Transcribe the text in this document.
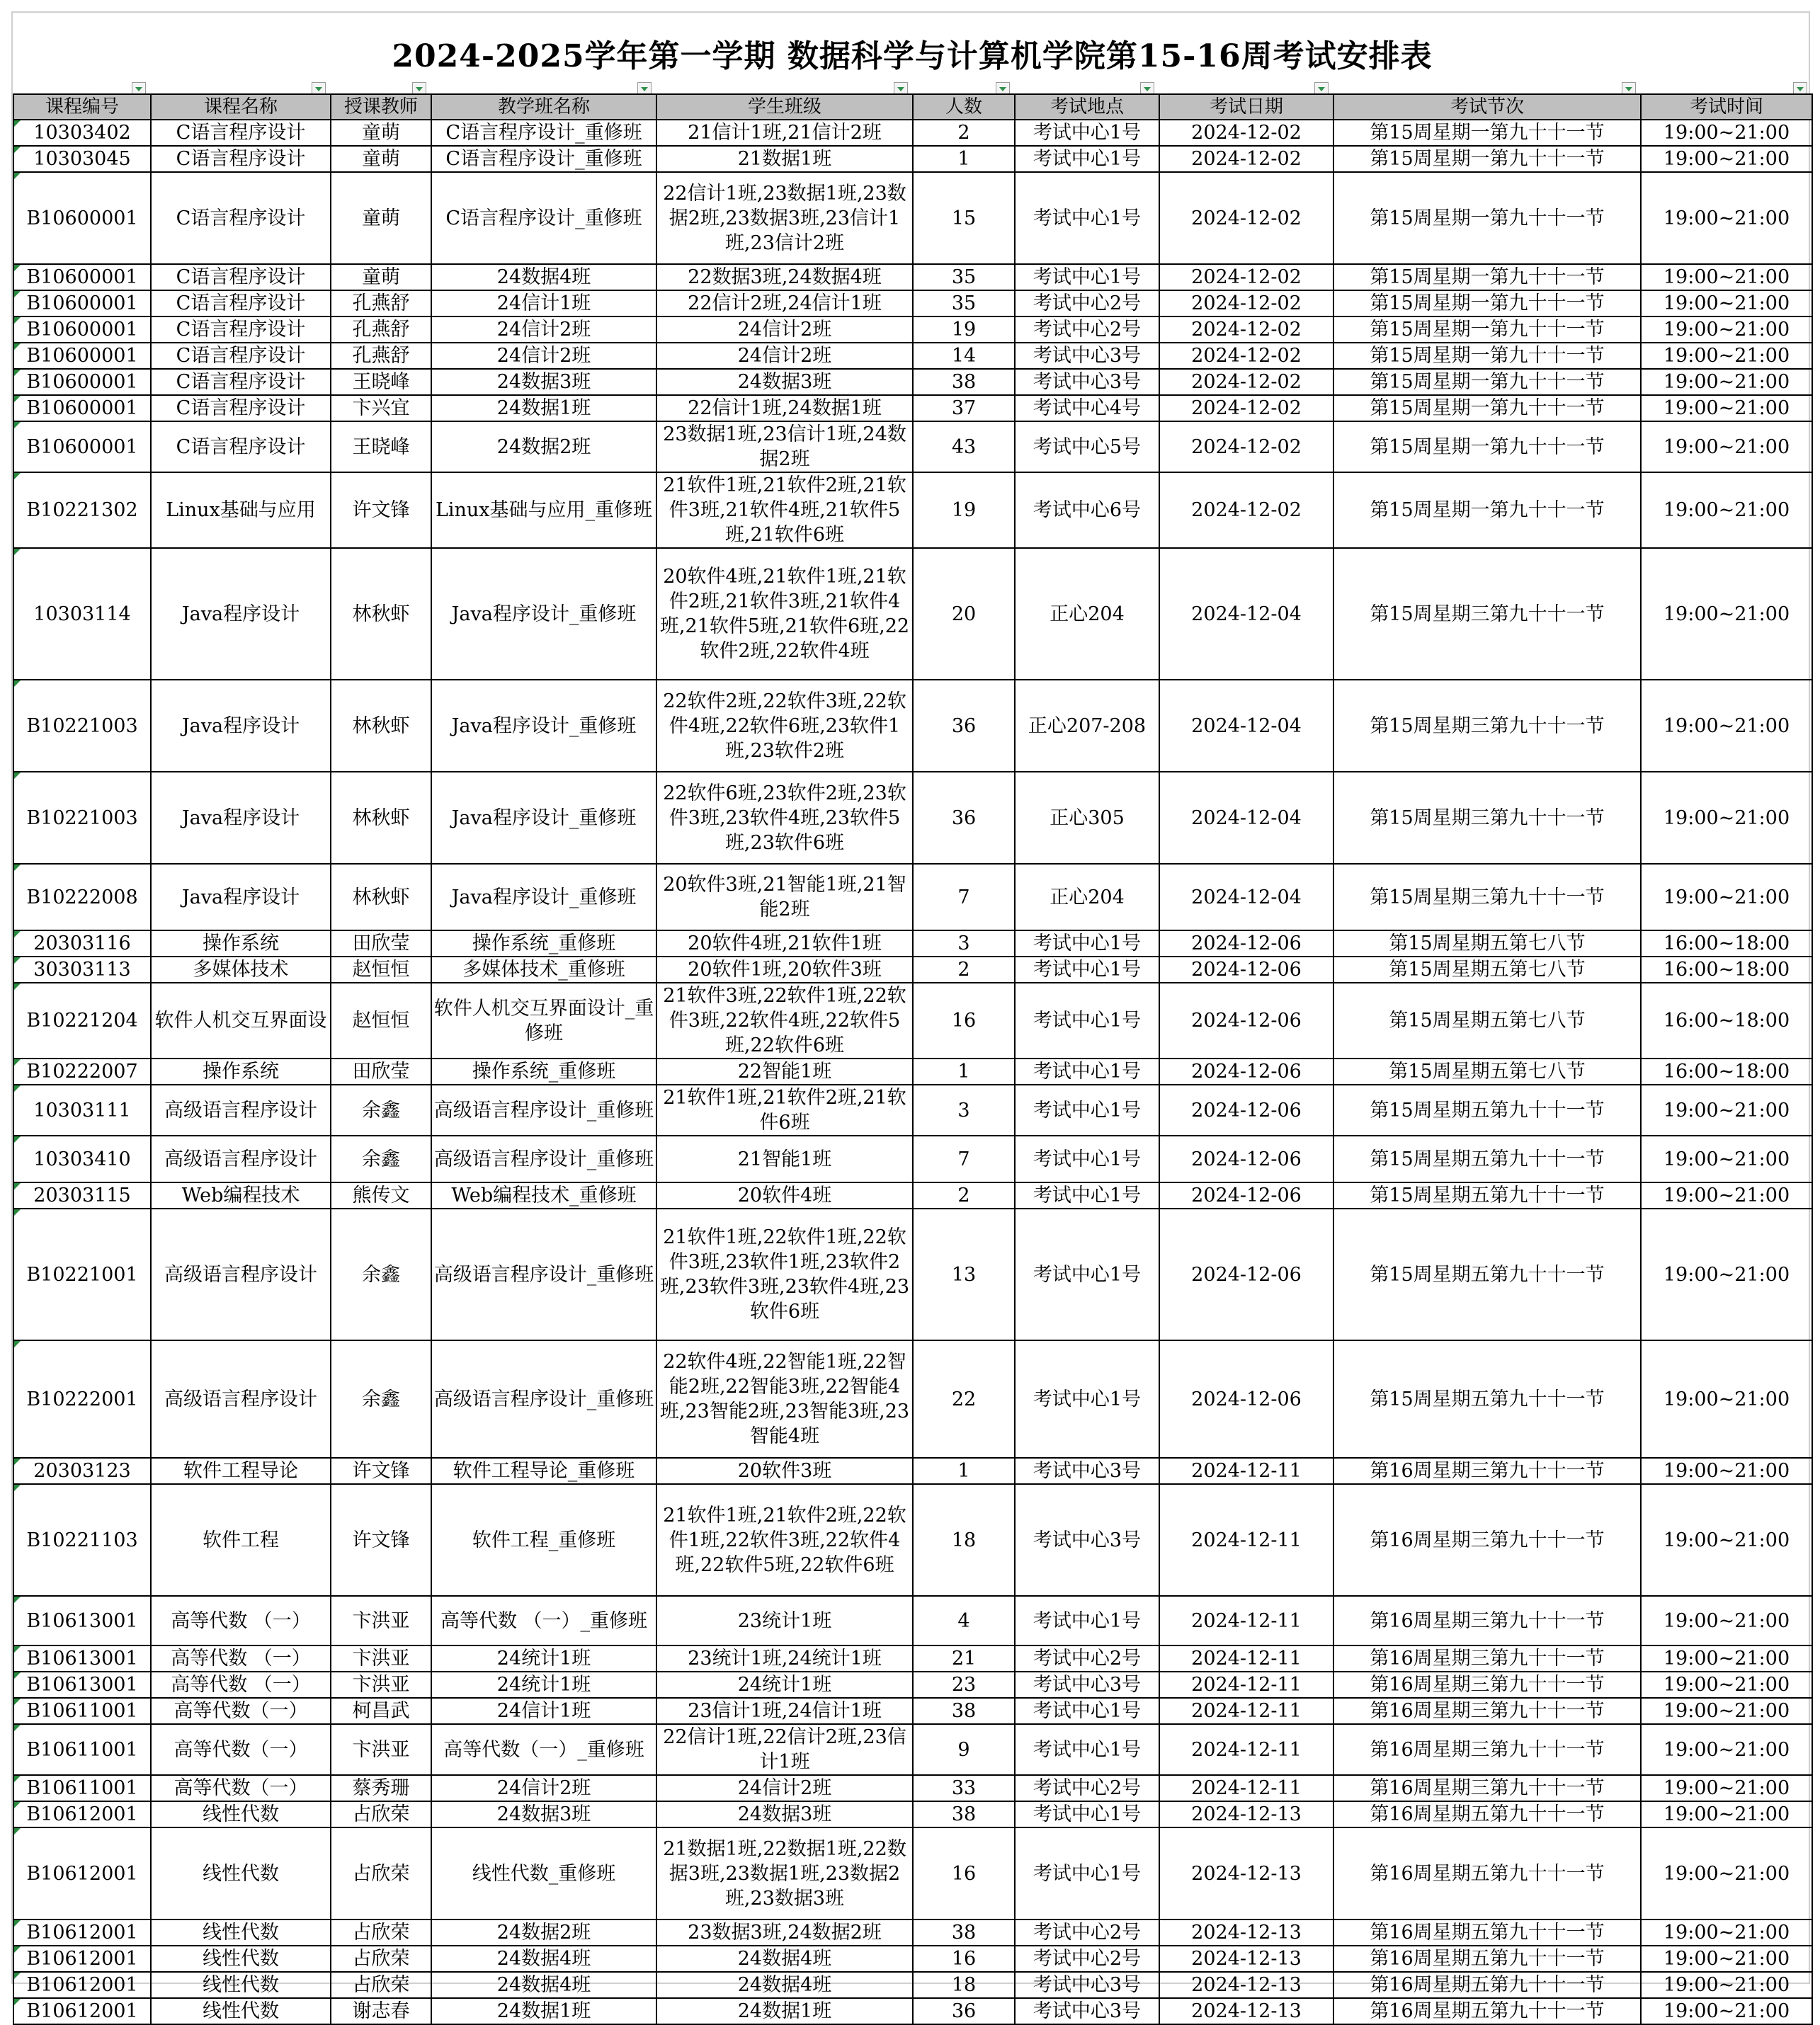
2024-2025学年第一学期 数据科学与计算机学院第15-16周考试安排表
课程编号	课程名称	授课教师	教学班名称	学生班级	人数	考试地点	考试日期	考试节次	考试时间
10303402	C语言程序设计	童萌	C语言程序设计_重修班	21信计1班,21信计2班	2	考试中心1号	2024-12-02	第15周星期一第九十十一节	19:00~21:00
10303045	C语言程序设计	童萌	C语言程序设计_重修班	21数据1班	1	考试中心1号	2024-12-02	第15周星期一第九十十一节	19:00~21:00
B10600001	C语言程序设计	童萌	C语言程序设计_重修班	22信计1班,23数据1班,23数据2班,23数据3班,23信计1班,23信计2班	15	考试中心1号	2024-12-02	第15周星期一第九十十一节	19:00~21:00
B10600001	C语言程序设计	童萌	24数据4班	22数据3班,24数据4班	35	考试中心1号	2024-12-02	第15周星期一第九十十一节	19:00~21:00
B10600001	C语言程序设计	孔燕舒	24信计1班	22信计2班,24信计1班	35	考试中心2号	2024-12-02	第15周星期一第九十十一节	19:00~21:00
B10600001	C语言程序设计	孔燕舒	24信计2班	24信计2班	19	考试中心2号	2024-12-02	第15周星期一第九十十一节	19:00~21:00
B10600001	C语言程序设计	孔燕舒	24信计2班	24信计2班	14	考试中心3号	2024-12-02	第15周星期一第九十十一节	19:00~21:00
B10600001	C语言程序设计	王晓峰	24数据3班	24数据3班	38	考试中心3号	2024-12-02	第15周星期一第九十十一节	19:00~21:00
B10600001	C语言程序设计	卞兴宜	24数据1班	22信计1班,24数据1班	37	考试中心4号	2024-12-02	第15周星期一第九十十一节	19:00~21:00
B10600001	C语言程序设计	王晓峰	24数据2班	23数据1班,23信计1班,24数据2班	43	考试中心5号	2024-12-02	第15周星期一第九十十一节	19:00~21:00
B10221302	Linux基础与应用	许文锋	Linux基础与应用_重修班	21软件1班,21软件2班,21软件3班,21软件4班,21软件5班,21软件6班	19	考试中心6号	2024-12-02	第15周星期一第九十十一节	19:00~21:00
10303114	Java程序设计	林秋虾	Java程序设计_重修班	20软件4班,21软件1班,21软件2班,21软件3班,21软件4班,21软件5班,21软件6班,22软件2班,22软件4班	20	正心204	2024-12-04	第15周星期三第九十十一节	19:00~21:00
B10221003	Java程序设计	林秋虾	Java程序设计_重修班	22软件2班,22软件3班,22软件4班,22软件6班,23软件1班,23软件2班	36	正心207-208	2024-12-04	第15周星期三第九十十一节	19:00~21:00
B10221003	Java程序设计	林秋虾	Java程序设计_重修班	22软件6班,23软件2班,23软件3班,23软件4班,23软件5班,23软件6班	36	正心305	2024-12-04	第15周星期三第九十十一节	19:00~21:00
B10222008	Java程序设计	林秋虾	Java程序设计_重修班	20软件3班,21智能1班,21智能2班	7	正心204	2024-12-04	第15周星期三第九十十一节	19:00~21:00
20303116	操作系统	田欣莹	操作系统_重修班	20软件4班,21软件1班	3	考试中心1号	2024-12-06	第15周星期五第七八节	16:00~18:00
30303113	多媒体技术	赵恒恒	多媒体技术_重修班	20软件1班,20软件3班	2	考试中心1号	2024-12-06	第15周星期五第七八节	16:00~18:00
B10221204	软件人机交互界面设	赵恒恒	软件人机交互界面设计_重修班	21软件3班,22软件1班,22软件3班,22软件4班,22软件5班,22软件6班	16	考试中心1号	2024-12-06	第15周星期五第七八节	16:00~18:00
B10222007	操作系统	田欣莹	操作系统_重修班	22智能1班	1	考试中心1号	2024-12-06	第15周星期五第七八节	16:00~18:00
10303111	高级语言程序设计	余鑫	高级语言程序设计_重修班	21软件1班,21软件2班,21软件6班	3	考试中心1号	2024-12-06	第15周星期五第九十十一节	19:00~21:00
10303410	高级语言程序设计	余鑫	高级语言程序设计_重修班	21智能1班	7	考试中心1号	2024-12-06	第15周星期五第九十十一节	19:00~21:00
20303115	Web编程技术	熊传文	Web编程技术_重修班	20软件4班	2	考试中心1号	2024-12-06	第15周星期五第九十十一节	19:00~21:00
B10221001	高级语言程序设计	余鑫	高级语言程序设计_重修班	21软件1班,22软件1班,22软件3班,23软件1班,23软件2班,23软件3班,23软件4班,23软件6班	13	考试中心1号	2024-12-06	第15周星期五第九十十一节	19:00~21:00
B10222001	高级语言程序设计	余鑫	高级语言程序设计_重修班	22软件4班,22智能1班,22智能2班,22智能3班,22智能4班,23智能2班,23智能3班,23智能4班	22	考试中心1号	2024-12-06	第15周星期五第九十十一节	19:00~21:00
20303123	软件工程导论	许文锋	软件工程导论_重修班	20软件3班	1	考试中心3号	2024-12-11	第16周星期三第九十十一节	19:00~21:00
B10221103	软件工程	许文锋	软件工程_重修班	21软件1班,21软件2班,22软件1班,22软件3班,22软件4班,22软件5班,22软件6班	18	考试中心3号	2024-12-11	第16周星期三第九十十一节	19:00~21:00
B10613001	高等代数 （一）	卞洪亚	高等代数 （一）_重修班	23统计1班	4	考试中心1号	2024-12-11	第16周星期三第九十十一节	19:00~21:00
B10613001	高等代数 （一）	卞洪亚	24统计1班	23统计1班,24统计1班	21	考试中心2号	2024-12-11	第16周星期三第九十十一节	19:00~21:00
B10613001	高等代数 （一）	卞洪亚	24统计1班	24统计1班	23	考试中心3号	2024-12-11	第16周星期三第九十十一节	19:00~21:00
B10611001	高等代数（一）	柯昌武	24信计1班	23信计1班,24信计1班	38	考试中心1号	2024-12-11	第16周星期三第九十十一节	19:00~21:00
B10611001	高等代数（一）	卞洪亚	高等代数（一）_重修班	22信计1班,22信计2班,23信计1班	9	考试中心1号	2024-12-11	第16周星期三第九十十一节	19:00~21:00
B10611001	高等代数（一）	蔡秀珊	24信计2班	24信计2班	33	考试中心2号	2024-12-11	第16周星期三第九十十一节	19:00~21:00
B10612001	线性代数	占欣荣	24数据3班	24数据3班	38	考试中心1号	2024-12-13	第16周星期五第九十十一节	19:00~21:00
B10612001	线性代数	占欣荣	线性代数_重修班	21数据1班,22数据1班,22数据3班,23数据1班,23数据2班,23数据3班	16	考试中心1号	2024-12-13	第16周星期五第九十十一节	19:00~21:00
B10612001	线性代数	占欣荣	24数据2班	23数据3班,24数据2班	38	考试中心2号	2024-12-13	第16周星期五第九十十一节	19:00~21:00
B10612001	线性代数	占欣荣	24数据4班	24数据4班	16	考试中心2号	2024-12-13	第16周星期五第九十十一节	19:00~21:00
B10612001	线性代数	占欣荣	24数据4班	24数据4班	18	考试中心3号	2024-12-13	第16周星期五第九十十一节	19:00~21:00
B10612001	线性代数	谢志春	24数据1班	24数据1班	36	考试中心3号	2024-12-13	第16周星期五第九十十一节	19:00~21:00
